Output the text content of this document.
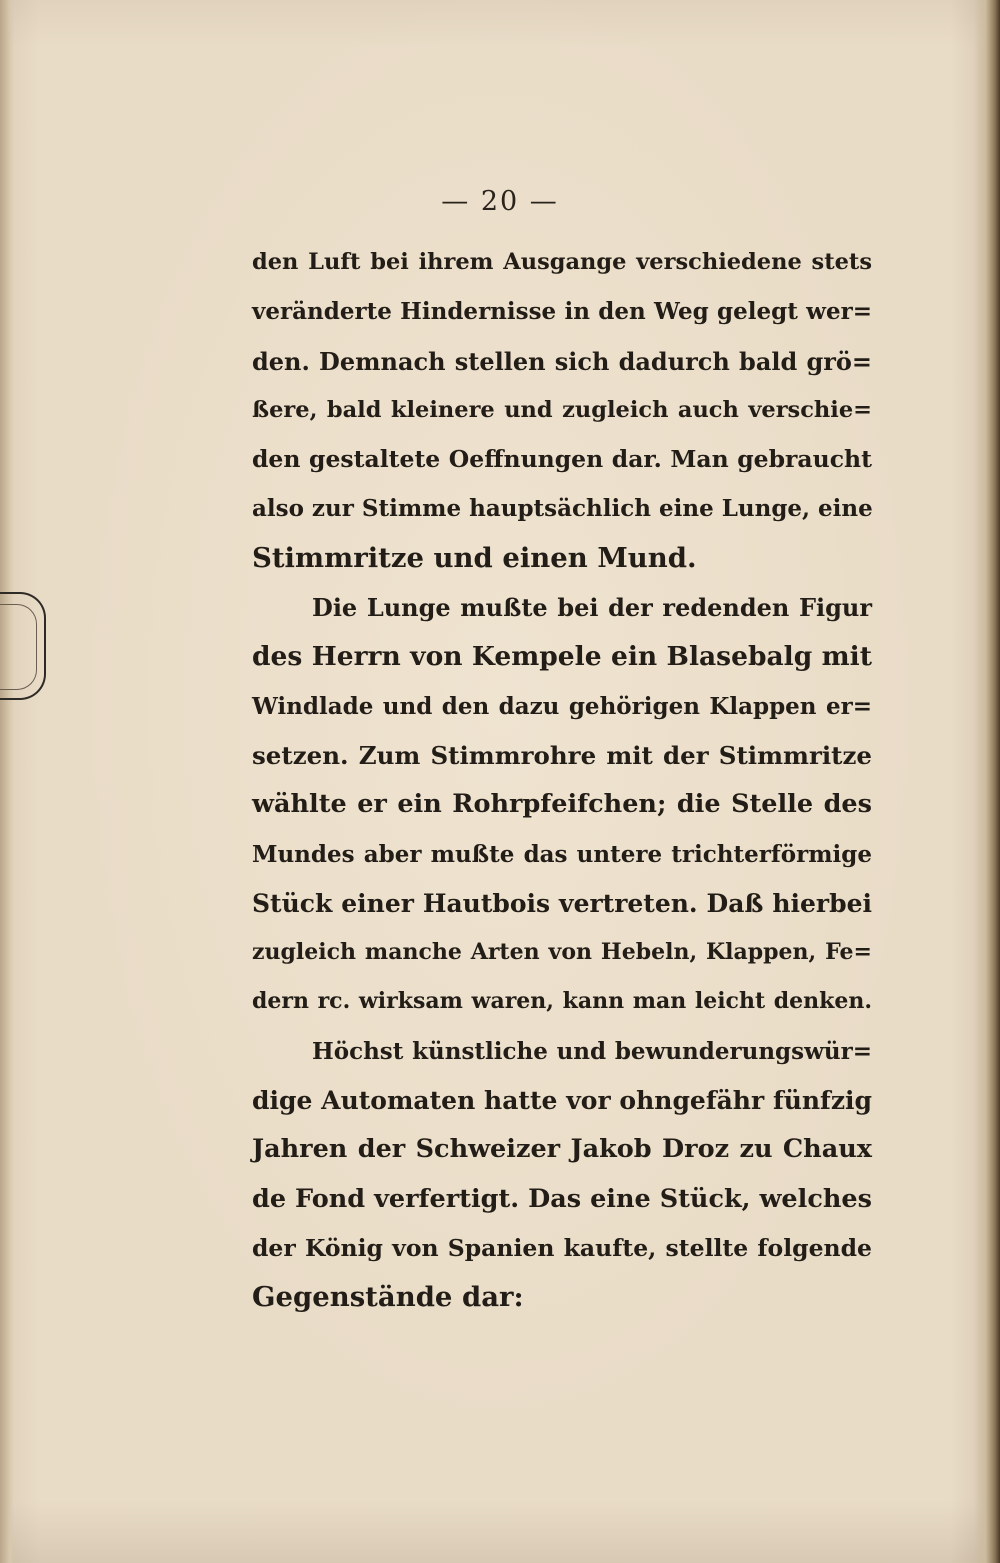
— 20 —
den Luft bei ihrem Ausgange verschiedene stets
veränderte Hindernisse in den Weg gelegt wer=
den. Demnach stellen sich dadurch bald grö=
ßere, bald kleinere und zugleich auch verschie=
den gestaltete Oeffnungen dar. Man gebraucht
also zur Stimme hauptsächlich eine Lunge, eine
Stimmritze und einen Mund.
Die Lunge mußte bei der redenden Figur
des Herrn von Kempele ein Blasebalg mit
Windlade und den dazu gehörigen Klappen er=
setzen. Zum Stimmrohre mit der Stimmritze
wählte er ein Rohrpfeifchen; die Stelle des
Mundes aber mußte das untere trichterförmige
Stück einer Hautbois vertreten. Daß hierbei
zugleich manche Arten von Hebeln, Klappen, Fe=
dern rc. wirksam waren, kann man leicht denken.
Höchst künstliche und bewunderungswür=
dige Automaten hatte vor ohngefähr fünfzig
Jahren der Schweizer Jakob Droz zu Chaux
de Fond verfertigt. Das eine Stück, welches
der König von Spanien kaufte, stellte folgende
Gegenstände dar:
